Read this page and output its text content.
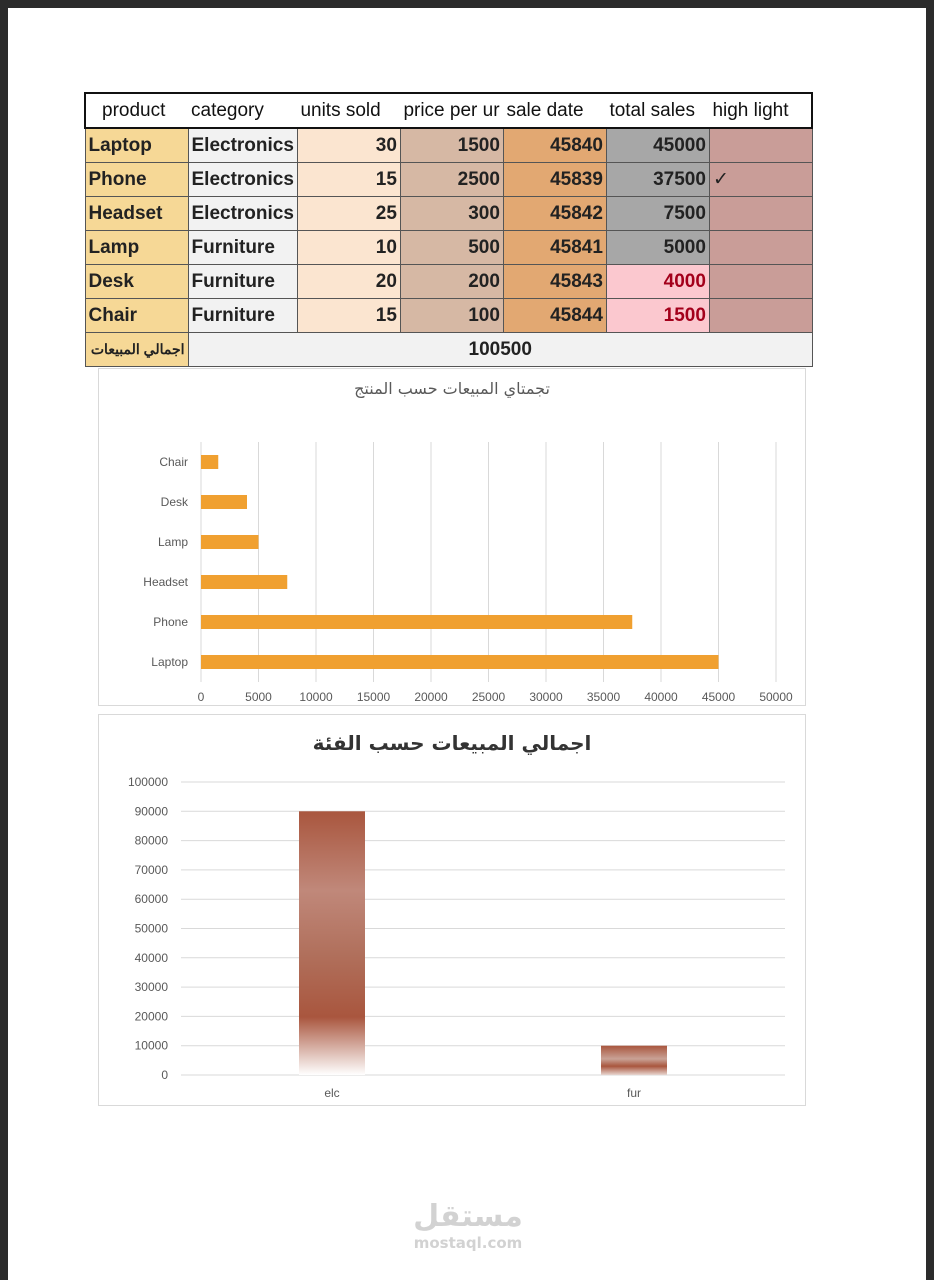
product	category	units sold	price per ur	sale date	total sales	high light
Laptop	Electronics	30	1500	45840	45000	
Phone	Electronics	15	2500	45839	37500	✓
Headset	Electronics	25	300	45842	7500	
Lamp	Furniture	10	500	45841	5000	
Desk	Furniture	20	200	45843	4000	
Chair	Furniture	15	100	45844	1500	
اجمالي المبيعات	100500					
تجمتاي المبيعات حسب المنتج
0	5000 10000 15000 20000 25000 30000 35000 40000 45000 50000
Laptop
Phone
Headset
Lamp
Desk
Chair
اجمالي المبيعات حسب الفئة
0
10000
20000
30000
40000
50000
60000
70000
80000
90000
100000
elc	fur
مستقل
mostaql.com
